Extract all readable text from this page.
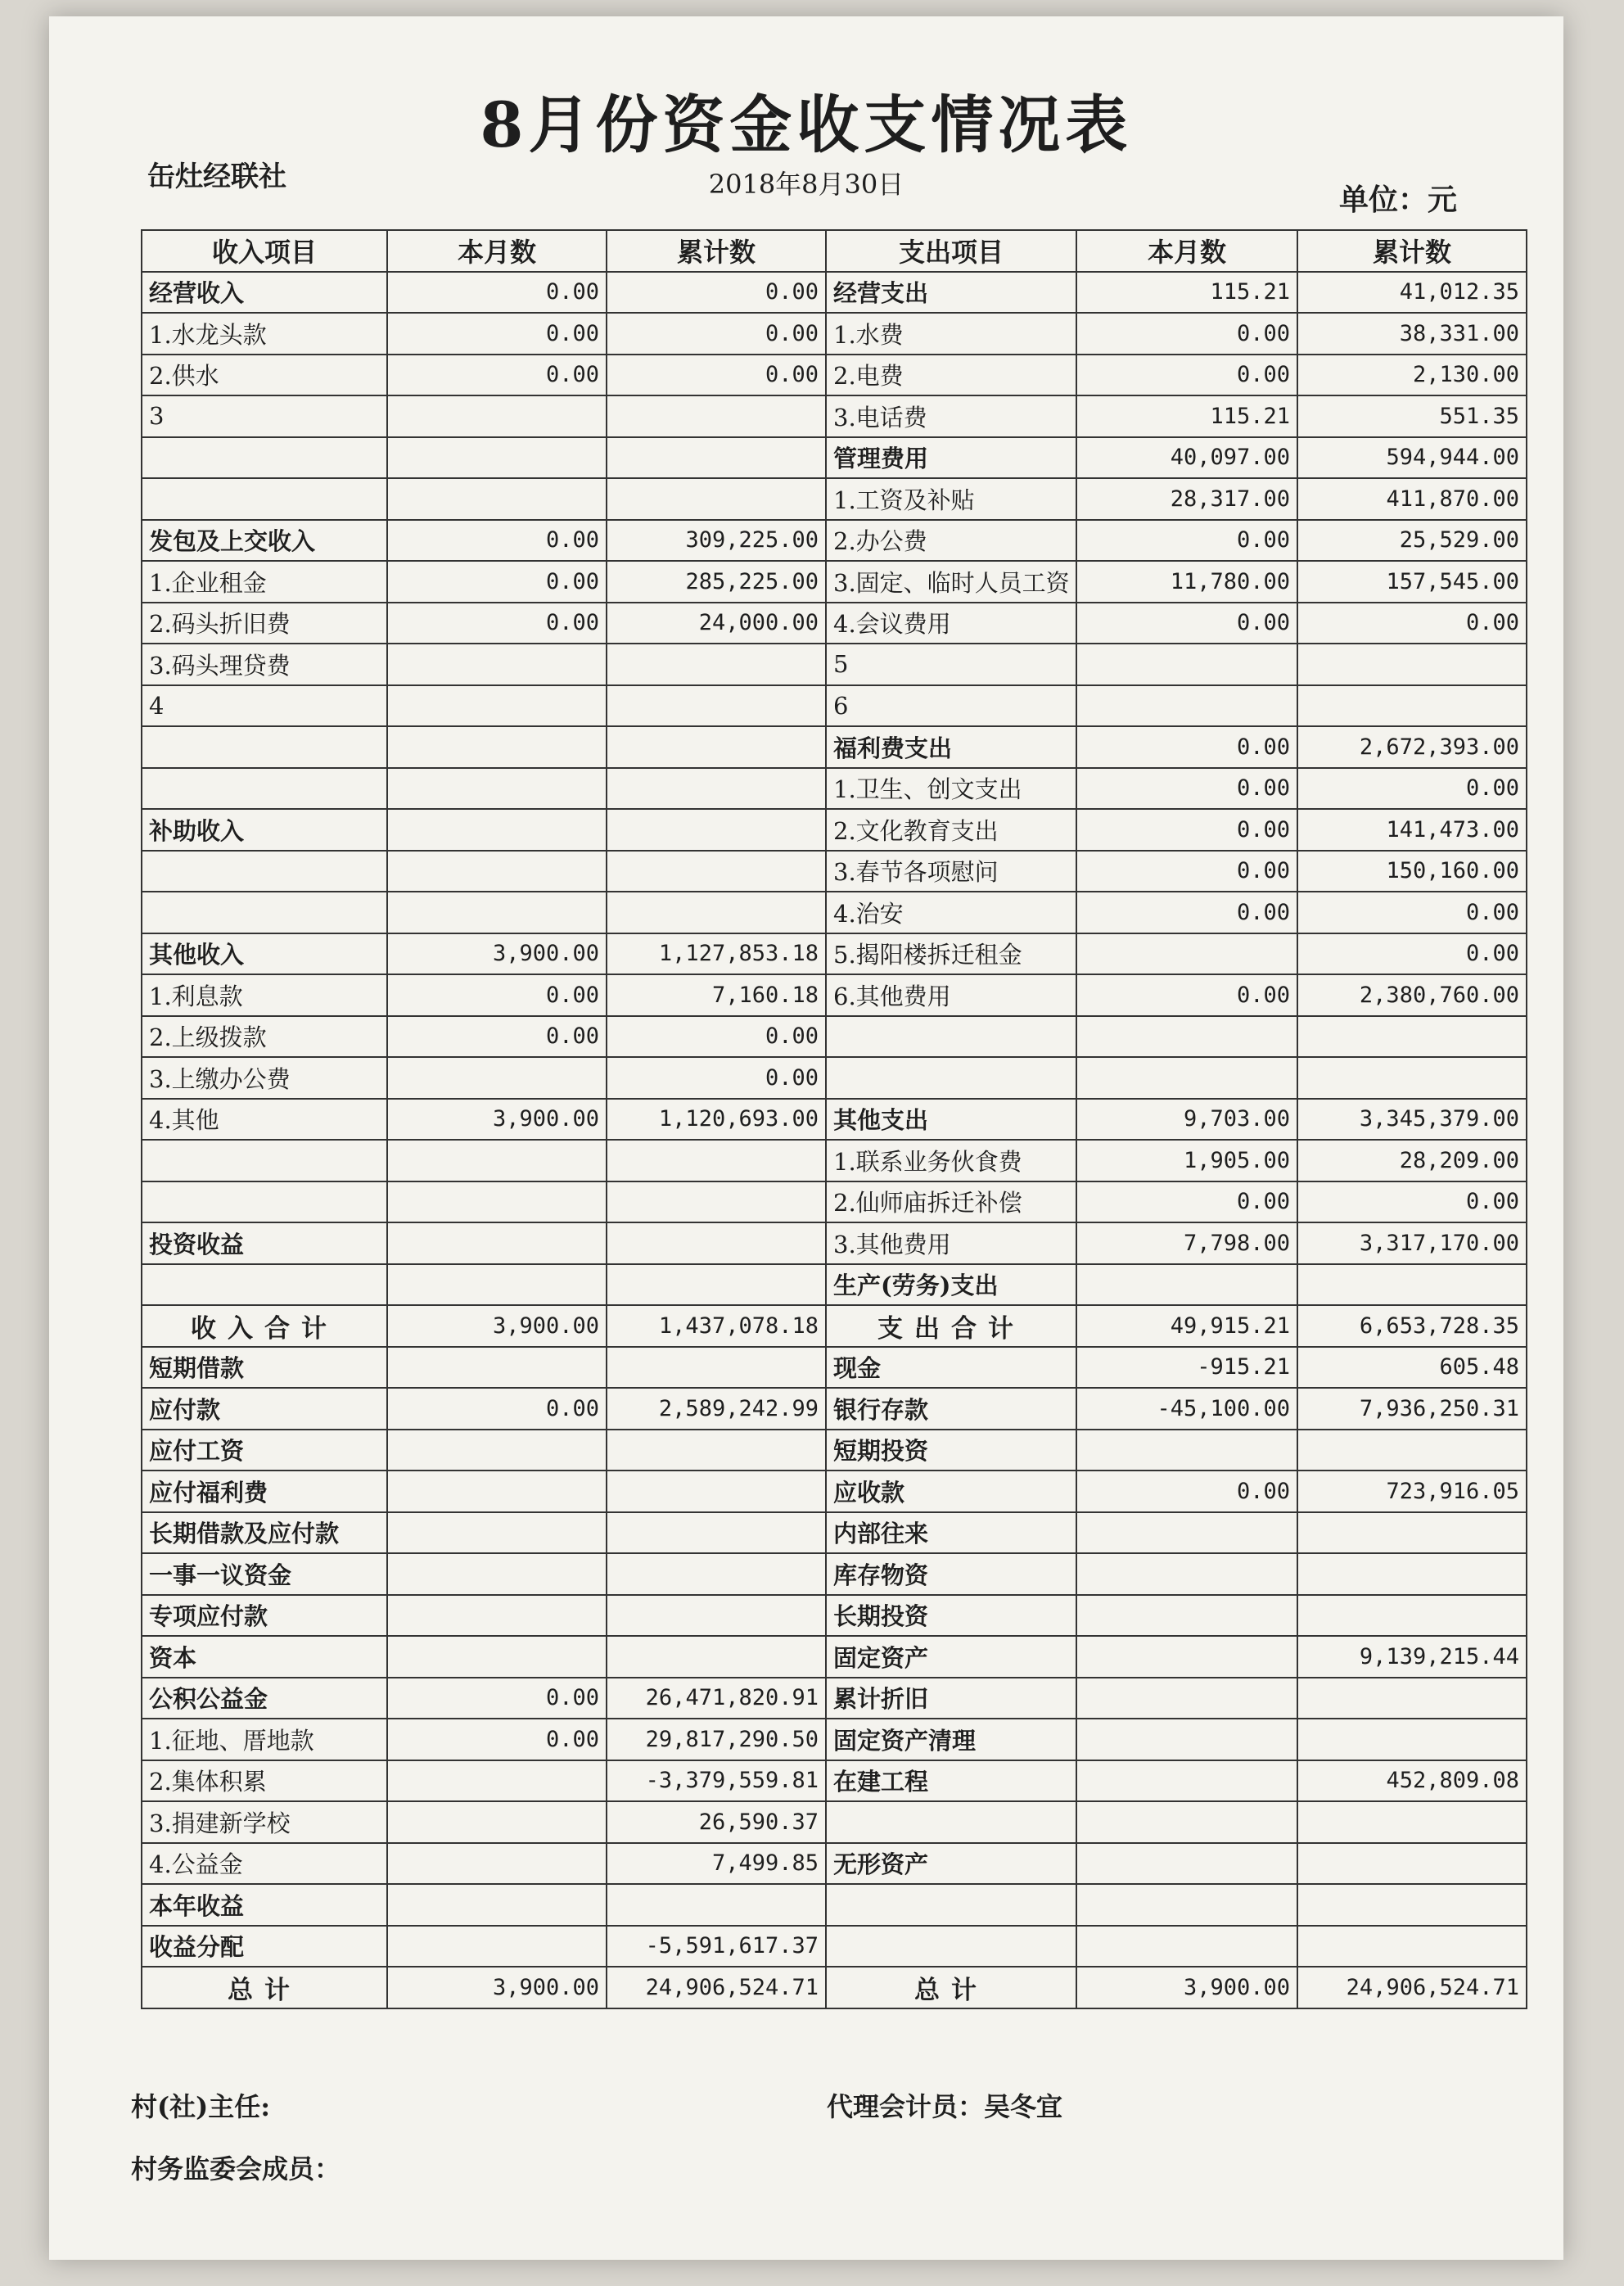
8月份资金收支情况表
缶灶经联社	2018年8月30日	单位：元
收入项目	本月数	累计数	支出项目	本月数	累计数
经营收入	0.00	0.00	经营支出	115.21	41,012.35
1.水龙头款	0.00	0.00	1.水费	0.00	38,331.00
2.供水	0.00	0.00	2.电费	0.00	2,130.00
3			3.电话费	115.21	551.35
			管理费用	40,097.00	594,944.00
			1.工资及补贴	28,317.00	411,870.00
发包及上交收入	0.00	309,225.00	2.办公费	0.00	25,529.00
1.企业租金	0.00	285,225.00	3.固定、临时人员工资	11,780.00	157,545.00
2.码头折旧费	0.00	24,000.00	4.会议费用	0.00	0.00
3.码头理贷费			5		
4			6		
			福利费支出	0.00	2,672,393.00
			1.卫生、创文支出	0.00	0.00
补助收入			2.文化教育支出	0.00	141,473.00
			3.春节各项慰问	0.00	150,160.00
			4.治安	0.00	0.00
其他收入	3,900.00	1,127,853.18	5.揭阳楼拆迁租金		0.00
1.利息款	0.00	7,160.18	6.其他费用	0.00	2,380,760.00
2.上级拨款	0.00	0.00			
3.上缴办公费		0.00			
4.其他	3,900.00	1,120,693.00	其他支出	9,703.00	3,345,379.00
			1.联系业务伙食费	1,905.00	28,209.00
			2.仙师庙拆迁补偿	0.00	0.00
投资收益			3.其他费用	7,798.00	3,317,170.00
			生产(劳务)支出		
收入合计	3,900.00	1,437,078.18	支出合计	49,915.21	6,653,728.35
短期借款			现金	-915.21	605.48
应付款	0.00	2,589,242.99	银行存款	-45,100.00	7,936,250.31
应付工资			短期投资		
应付福利费			应收款	0.00	723,916.05
长期借款及应付款			内部往来		
一事一议资金			库存物资		
专项应付款			长期投资		
资本			固定资产		9,139,215.44
公积公益金	0.00	26,471,820.91	累计折旧		
1.征地、厝地款	0.00	29,817,290.50	固定资产清理		
2.集体积累		-3,379,559.81	在建工程		452,809.08
3.捐建新学校		26,590.37			
4.公益金		7,499.85	无形资产		
本年收益					
收益分配		-5,591,617.37			
总计	3,900.00	24,906,524.71	总计	3,900.00	24,906,524.71
村(社)主任:	代理会计员：吴冬宜
村务监委会成员：
